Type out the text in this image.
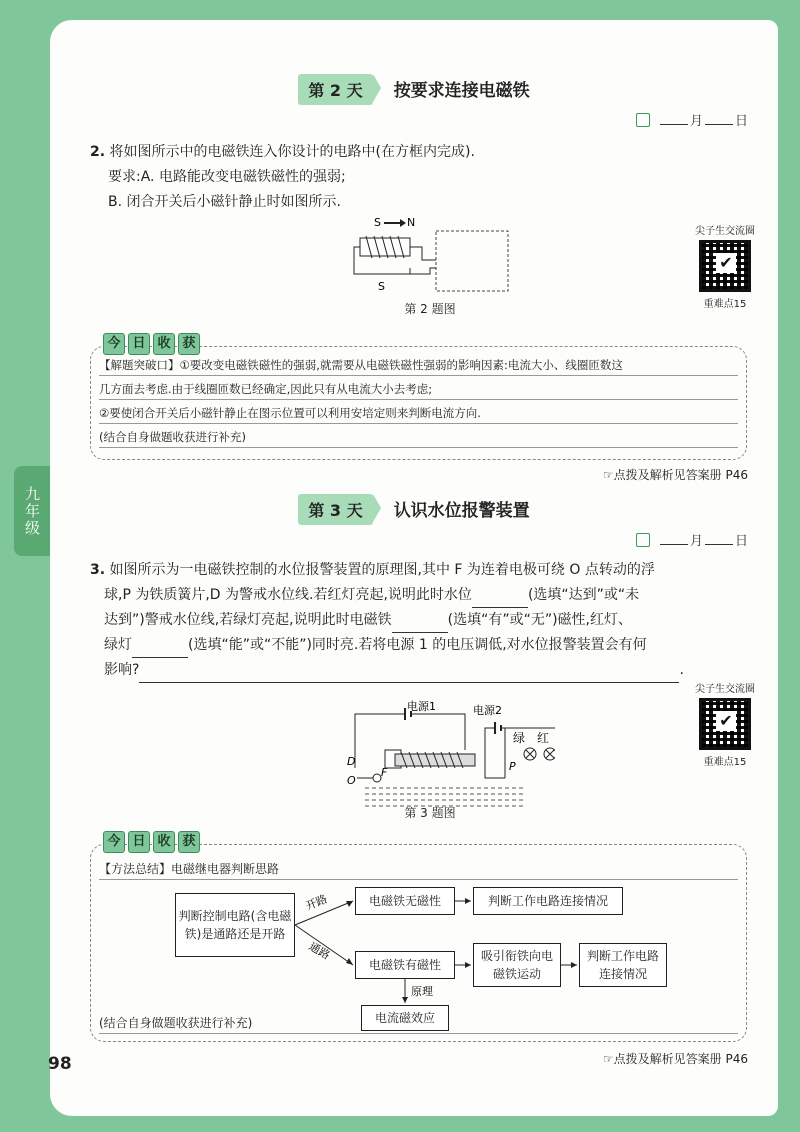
九年级
第 2 天 按要求连接电磁铁
月 日
2. 将如图所示中的电磁铁连入你设计的电路中(在方框内完成).
要求:A. 电路能改变电磁铁磁性的强弱;
B. 闭合开关后小磁针静止时如图所示.
S N
S
第 2 题图
尖子生交流圈
✔
重难点15
今 日 收 获
【解题突破口】①要改变电磁铁磁性的强弱,就需要从电磁铁磁性强弱的影响因素:电流大小、线圈匝数这
几方面去考虑.由于线圈匝数已经确定,因此只有从电流大小去考虑;
②要使闭合开关后小磁针静止在图示位置可以利用安培定则来判断电流方向.
(结合自身做题收获进行补充)
☞点拨及解析见答案册 P46
第 3 天 认识水位报警装置
月 日
3. 如图所示为一电磁铁控制的水位报警装置的原理图,其中 F 为连着电极可绕 O 点转动的浮
球,P 为铁质簧片,D 为警戒水位线.若红灯亮起,说明此时水位	(选填“达到”或“未
达到”)警戒水位线,若绿灯亮起,说明此时电磁铁	(选填“有”或“无”)磁性,红灯、
绿灯	(选填“能”或“不能”)同时亮.若将电源 1 的电压调低,对水位报警装置会有何
影响?	.
电源1	电源2
P
绿 红
D
O
F
第 3 题图
尖子生交流圈
✔
重难点15
今 日 收 获
【方法总结】电磁继电器判断思路
判断控制电路(含电磁铁)是通路还是开路
电磁铁无磁性	判断工作电路连接情况
电磁铁有磁性
吸引衔铁向电磁铁运动
判断工作电路连接情况
电流磁效应
开路
通路
原理
(结合自身做题收获进行补充)
☞点拨及解析见答案册 P46
98
